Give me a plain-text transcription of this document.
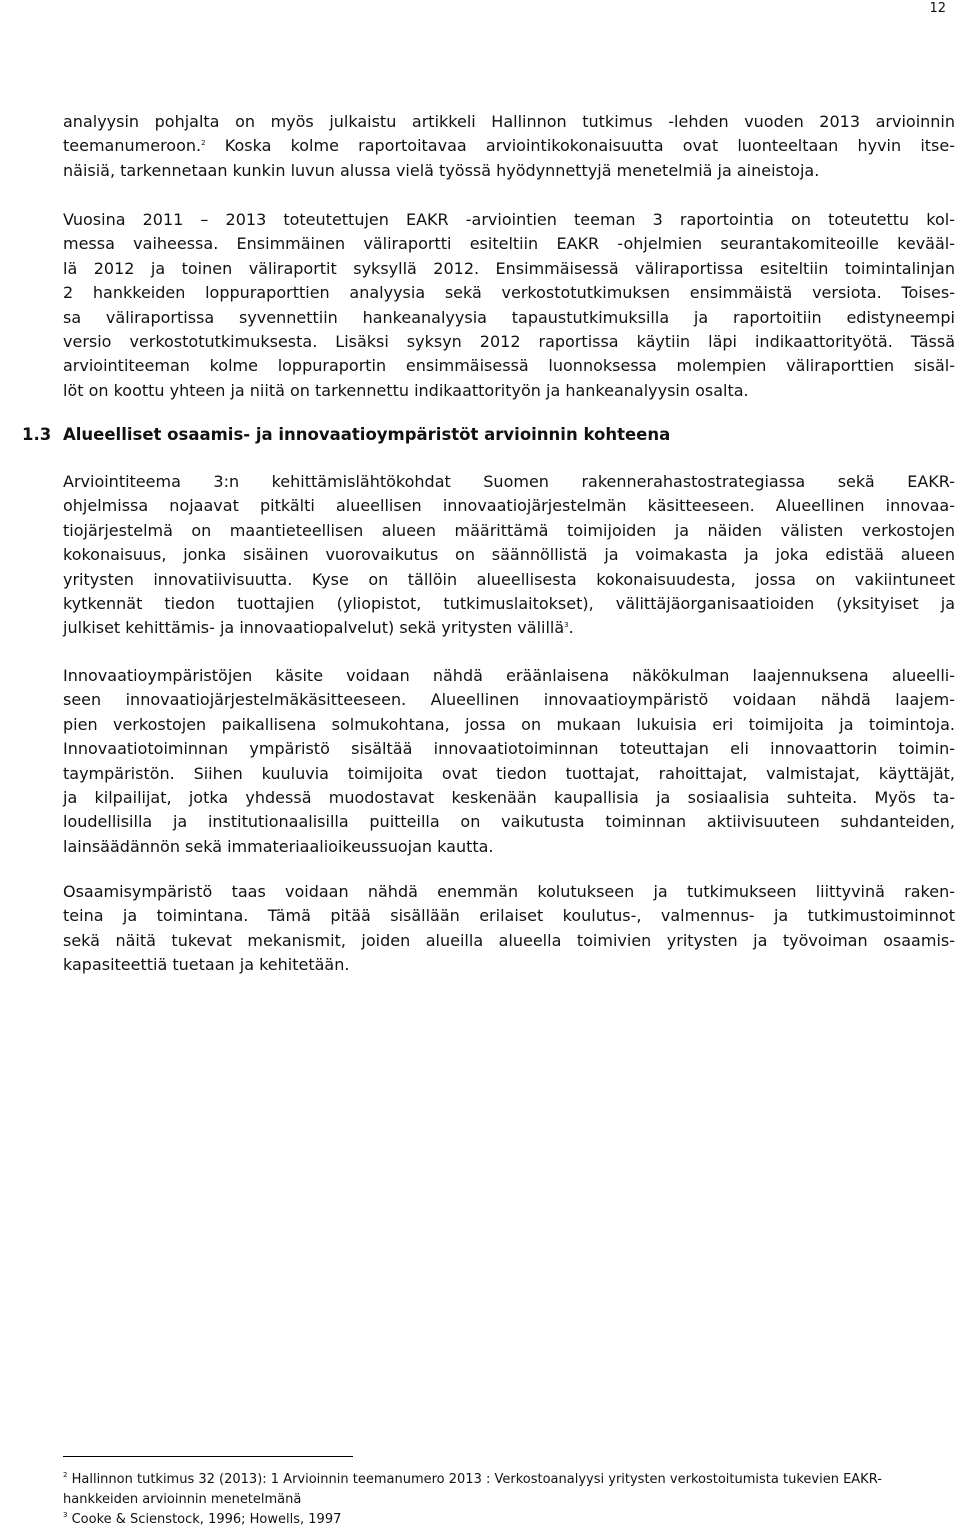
12
analyysin pohjalta on myös julkaistu artikkeli Hallinnon tutkimus -lehden vuoden 2013 arvioinnin
teemanumeroon.$^2$ Koska kolme raportoitavaa arviointikokonaisuutta ovat luonteeltaan hyvin itse-
näisiä, tarkennetaan kunkin luvun alussa vielä työssä hyödynnettyjä menetelmiä ja aineistoja.
Vuosina 2011 – 2013 toteutettujen EAKR -arviointien teeman 3 raportointia on toteutettu kol-
messa vaiheessa. Ensimmäinen väliraportti esiteltiin EAKR -ohjelmien seurantakomiteoille kevääl-
lä 2012 ja toinen väliraportit syksyllä 2012. Ensimmäisessä väliraportissa esiteltiin toimintalinjan
2 hankkeiden loppuraporttien analyysia sekä verkostotutkimuksen ensimmäistä versiota. Toises-
sa väliraportissa syvennettiin hankeanalyysia tapaustutkimuksilla ja raportoitiin edistyneempi
versio verkostotutkimuksesta. Lisäksi syksyn 2012 raportissa käytiin läpi indikaattorityötä. Tässä
arviointiteeman kolme loppuraportin ensimmäisessä luonnoksessa molempien väliraporttien sisäl-
löt on koottu yhteen ja niitä on tarkennettu indikaattorityön ja hankeanalyysin osalta.
1.3 Alueelliset osaamis- ja innovaatioympäristöt arvioinnin kohteena
Arviointiteema 3:n kehittämislähtökohdat Suomen rakennerahastostrategiassa sekä EAKR-
ohjelmissa nojaavat pitkälti alueellisen innovaatiojärjestelmän käsitteeseen. Alueellinen innovaa-
tiojärjestelmä on maantieteellisen alueen määrittämä toimijoiden ja näiden välisten verkostojen
kokonaisuus, jonka sisäinen vuorovaikutus on säännöllistä ja voimakasta ja joka edistää alueen
yritysten innovatiivisuutta. Kyse on tällöin alueellisesta kokonaisuudesta, jossa on vakiintuneet
kytkennät tiedon tuottajien (yliopistot, tutkimuslaitokset), välittäjäorganisaatioiden (yksityiset ja
julkiset kehittämis- ja innovaatiopalvelut) sekä yritysten välillä$^3$.
Innovaatioympäristöjen käsite voidaan nähdä eräänlaisena näkökulman laajennuksena alueelli-
seen innovaatiojärjestelmäkäsitteeseen. Alueellinen innovaatioympäristö voidaan nähdä laajem-
pien verkostojen paikallisena solmukohtana, jossa on mukaan lukuisia eri toimijoita ja toimintoja.
Innovaatiotoiminnan ympäristö sisältää innovaatiotoiminnan toteuttajan eli innovaattorin toimin-
taympäristön. Siihen kuuluvia toimijoita ovat tiedon tuottajat, rahoittajat, valmistajat, käyttäjät,
ja kilpailijat, jotka yhdessä muodostavat keskenään kaupallisia ja sosiaalisia suhteita. Myös ta-
loudellisilla ja institutionaalisilla puitteilla on vaikutusta toiminnan aktiivisuuteen suhdanteiden,
lainsäädännön sekä immateriaalioikeussuojan kautta.
Osaamisympäristö taas voidaan nähdä enemmän kolutukseen ja tutkimukseen liittyvinä raken-
teina ja toimintana. Tämä pitää sisällään erilaiset koulutus-, valmennus- ja tutkimustoiminnot
sekä näitä tukevat mekanismit, joiden alueilla alueella toimivien yritysten ja työvoiman osaamis-
kapasiteettiä tuetaan ja kehitetään.
$^2$ Hallinnon tutkimus 32 (2013): 1 Arvioinnin teemanumero 2013 : Verkostoanalyysi yritysten verkostoitumista tukevien EAKR-
hankkeiden arvioinnin menetelmänä
$^3$ Cooke & Scienstock, 1996; Howells, 1997
